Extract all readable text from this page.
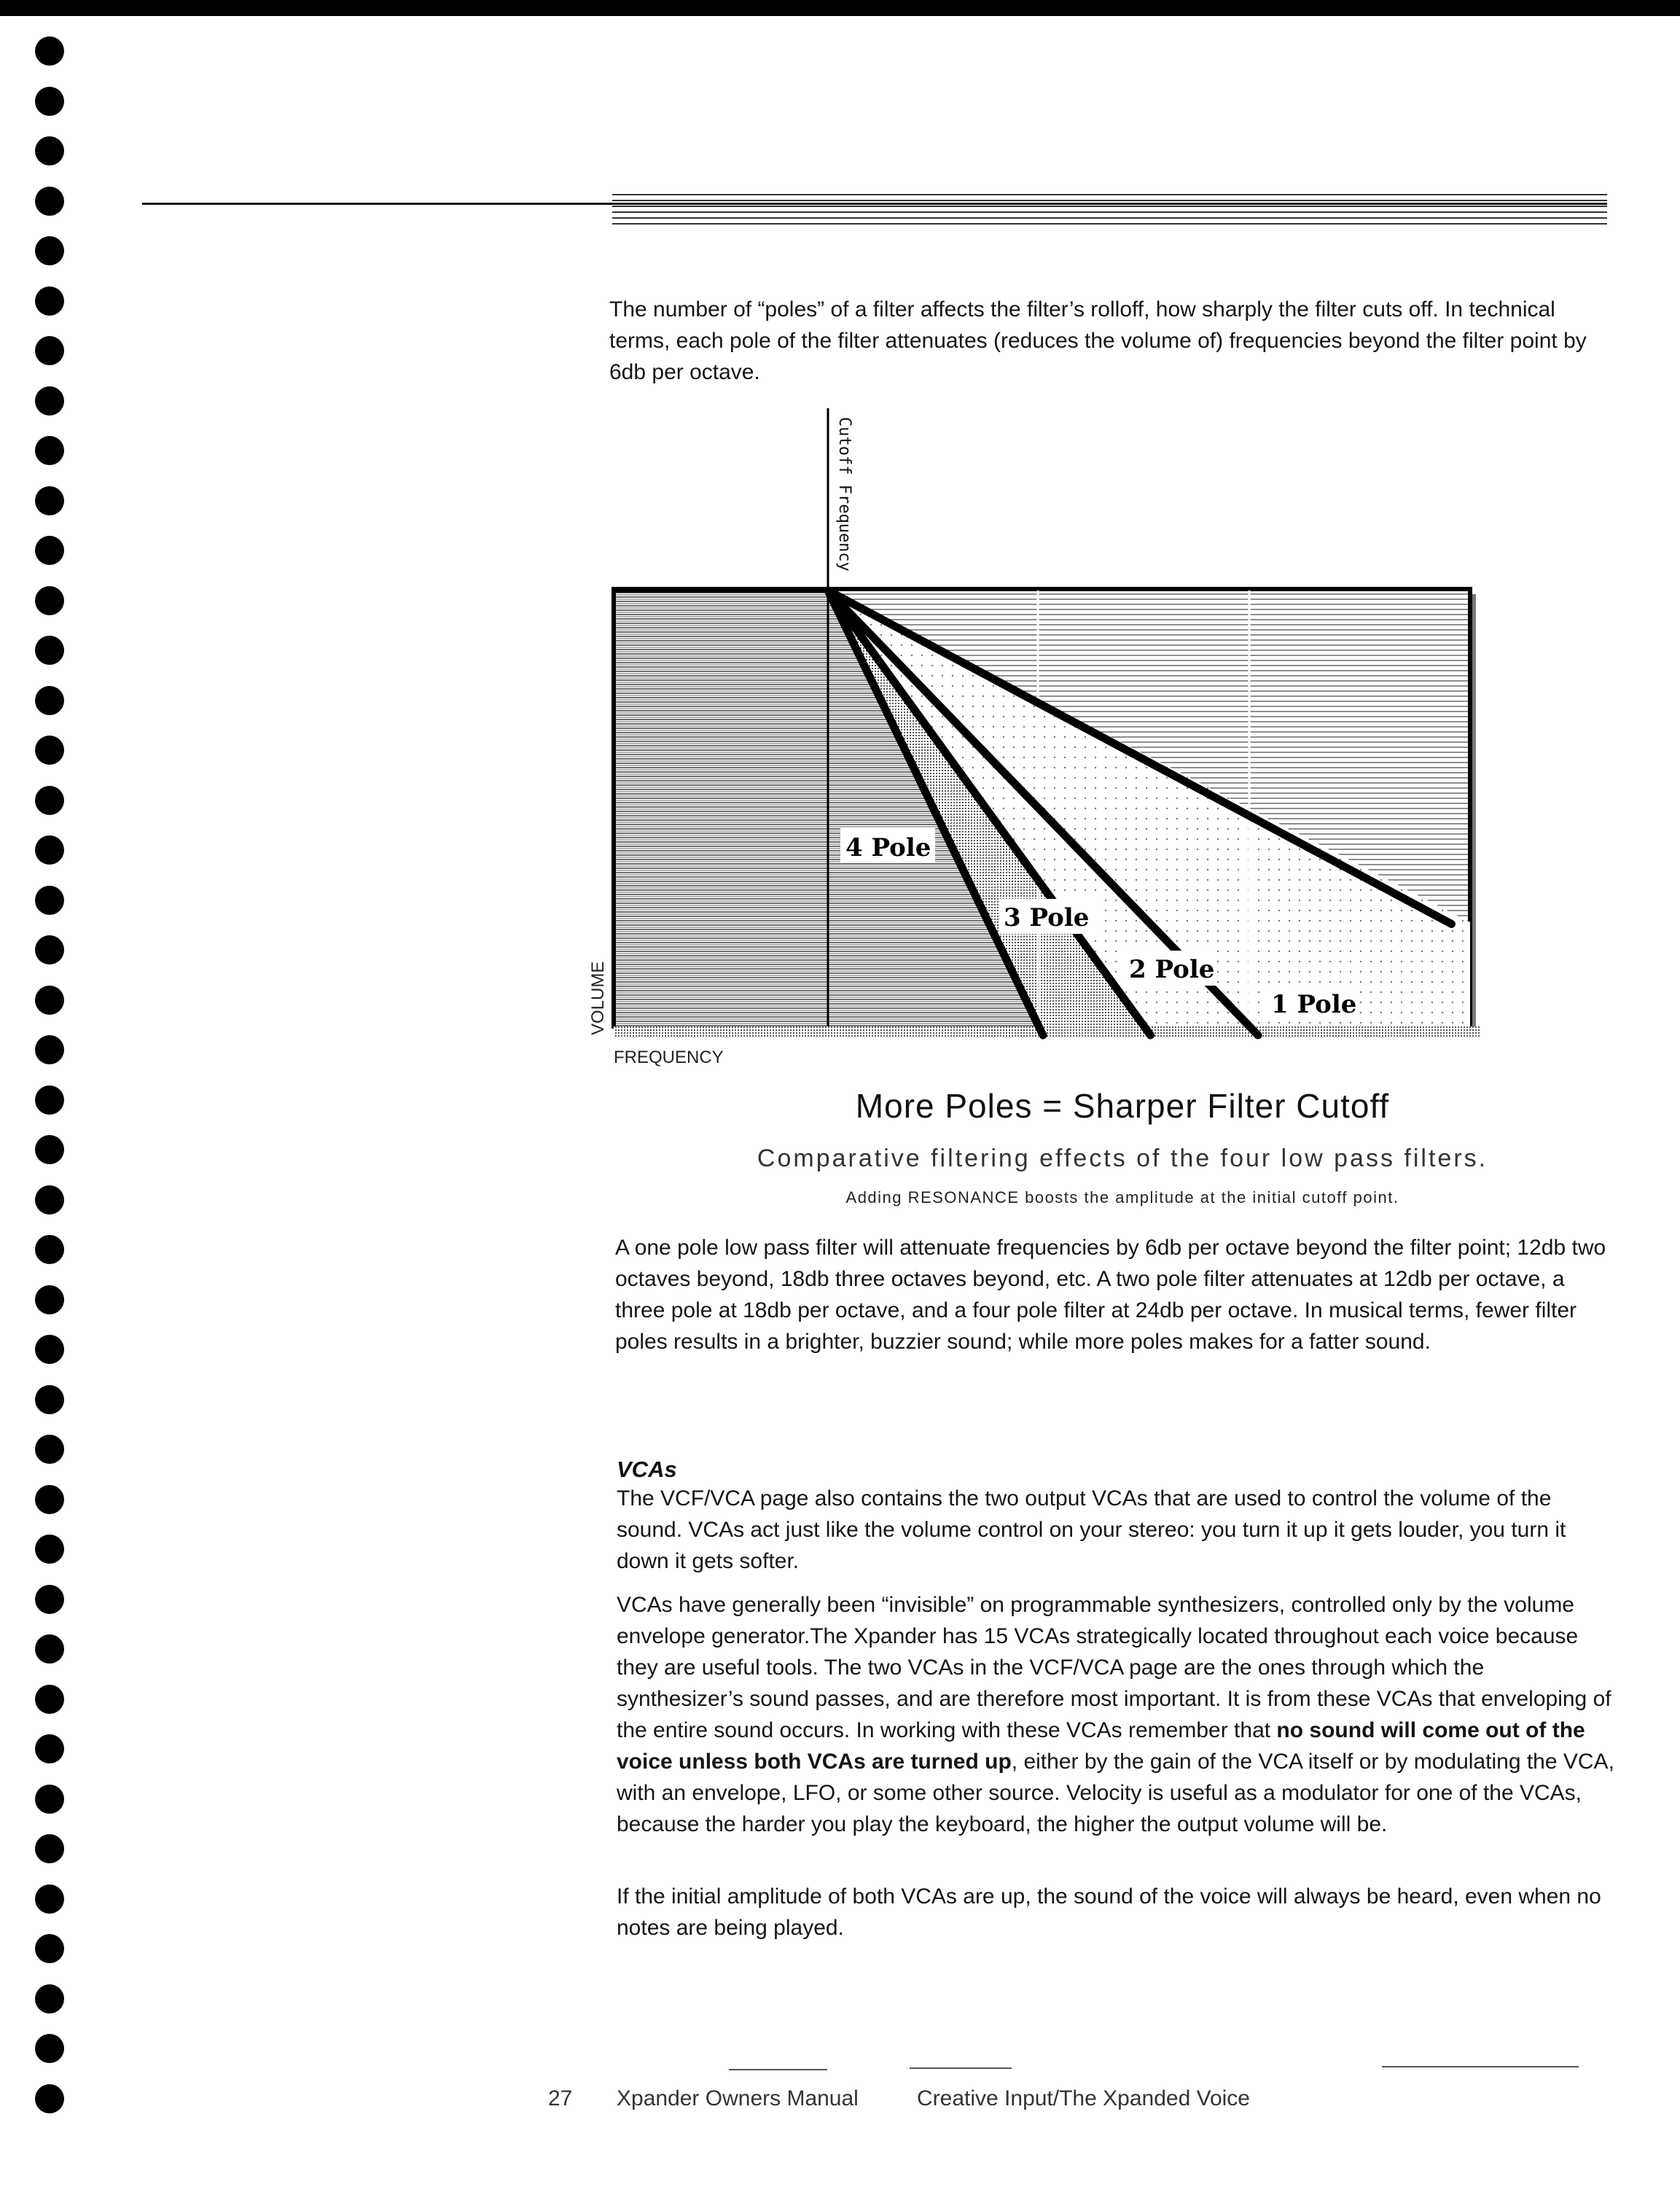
The number of “poles” of a filter affects the filter’s rolloff, how sharply the filter cuts off. In technical terms, each pole of the filter attenuates (reduces the volume of) frequencies beyond the filter point by 6db per octave.
4 Pole
3 Pole
2 Pole
1 Pole
Cutoff Frequency
VOLUME
FREQUENCY
More Poles = Sharper Filter Cutoff
Comparative filtering effects of the four low pass filters.
Adding RESONANCE boosts the amplitude at the initial cutoff point.
A one pole low pass filter will attenuate frequencies by 6db per octave beyond the filter point; 12db two octaves beyond, 18db three octaves beyond, etc. A two pole filter attenuates at 12db per octave, a three pole at 18db per octave, and a four pole filter at 24db per octave. In musical terms, fewer filter poles results in a brighter, buzzier sound; while more poles makes for a fatter sound.
VCAs
The VCF/VCA page also contains the two output VCAs that are used to control the volume of the sound. VCAs act just like the volume control on your stereo: you turn it up it gets louder, you turn it down it gets softer.
VCAs have generally been “invisible” on programmable synthesizers, controlled only by the volume envelope generator.The Xpander has 15 VCAs strategically located throughout each voice because they are useful tools. The two VCAs in the VCF/VCA page are the ones through which the synthesizer’s sound passes, and are therefore most important. It is from these VCAs that enveloping of the entire sound occurs. In working with these VCAs remember that no sound will come out of the voice unless both VCAs are turned up, either by the gain of the VCA itself or by modulating the VCA, with an envelope, LFO, or some other source. Velocity is useful as a modulator for one of the VCAs, because the harder you play the keyboard, the higher the output volume will be.
If the initial amplitude of both VCAs are up, the sound of the voice will always be heard, even when no notes are being played.
27 Xpander Owners Manual	Creative Input/The Xpanded Voice
